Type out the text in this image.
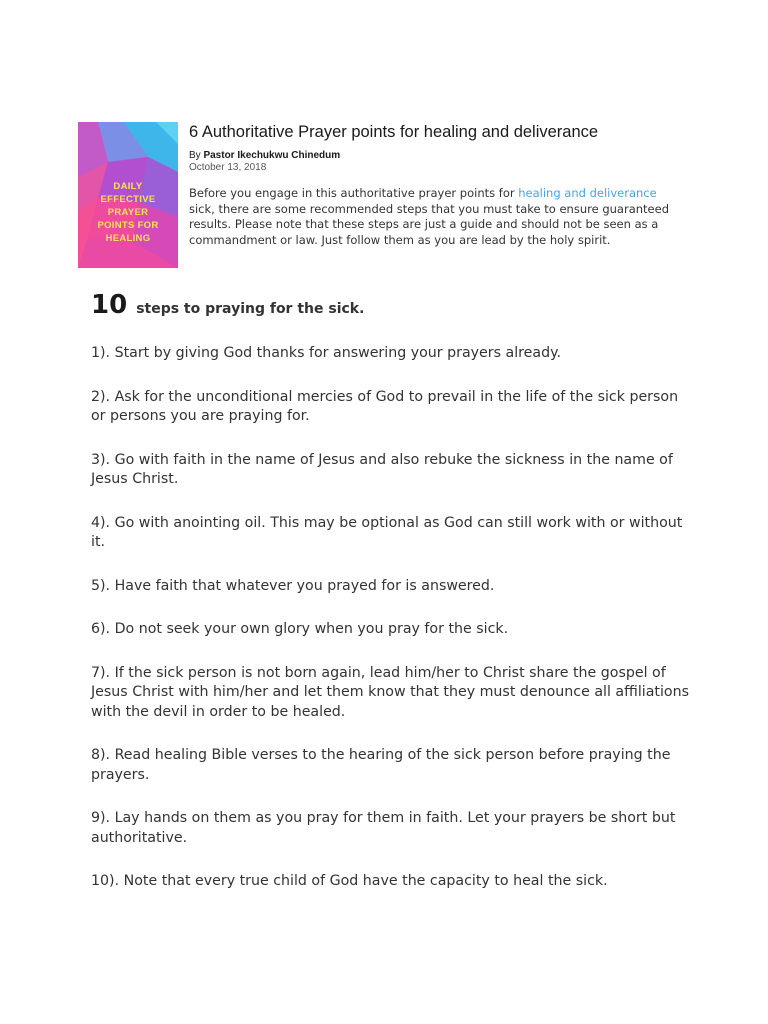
DAILY
EFFECTIVE
PRAYER
POINTS FOR
HEALING
6 Authoritative Prayer points for healing and deliverance
By Pastor Ikechukwu Chinedum
October 13, 2018

Before you engage in this authoritative prayer points for healing and deliverance sick, there are some recommended steps that you must take to ensure guaranteed results. Please note that these steps are just a guide and should not be seen as a commandment or law. Just follow them as you are lead by the holy spirit.

10 steps to praying for the sick.
1). Start by giving God thanks for answering your prayers already.
2). Ask for the unconditional mercies of God to prevail in the life of the sick person or persons you are praying for.
3). Go with faith in the name of Jesus and also rebuke the sickness in the name of Jesus Christ.
4). Go with anointing oil. This may be optional as God can still work with or without it.
5). Have faith that whatever you prayed for is answered.
6). Do not seek your own glory when you pray for the sick.
7). If the sick person is not born again, lead him/her to Christ share the gospel of Jesus Christ with him/her and let them know that they must denounce all affiliations with the devil in order to be healed.
8). Read healing Bible verses to the hearing of the sick person before praying the prayers.
9). Lay hands on them as you pray for them in faith. Let your prayers be short but authoritative.
10). Note that every true child of God have the capacity to heal the sick.
